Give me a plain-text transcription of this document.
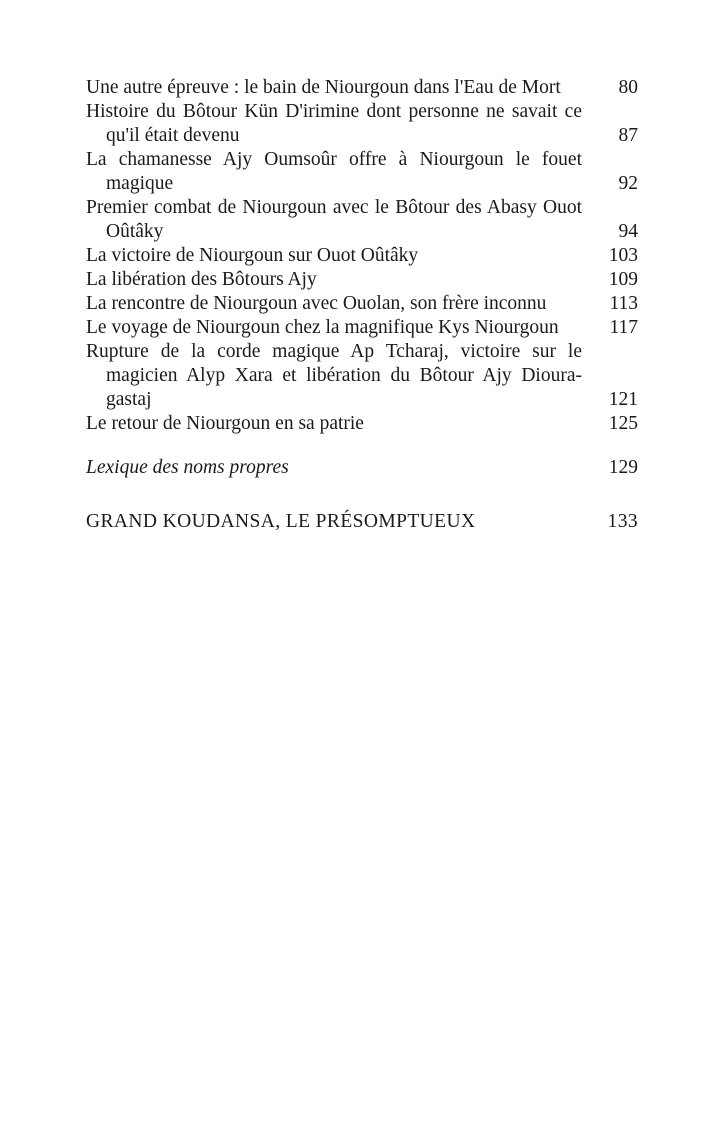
Une autre épreuve : le bain de Niourgoun dans l'Eau de Mort	80
Histoire du Bôtour Kün D'irimine dont personne ne savait ce qu'il était devenu	87
La chamanesse Ajy Oumsoûr offre à Niourgoun le fouet magique	92
Premier combat de Niourgoun avec le Bôtour des Abasy Ouot Oûtâky	94
La victoire de Niourgoun sur Ouot Oûtâky	103
La libération des Bôtours Ajy	109
La rencontre de Niourgoun avec Ouolan, son frère inconnu	113
Le voyage de Niourgoun chez la magnifique Kys Niourgoun	117
Rupture de la corde magique Ap Tcharaj, victoire sur le magicien Alyp Xara et libération du Bôtour Ajy Dioura-gastaj	121
Le retour de Niourgoun en sa patrie	125
Lexique des noms propres	129
GRAND KOUDANSA, LE PRÉSOMPTUEUX	133
